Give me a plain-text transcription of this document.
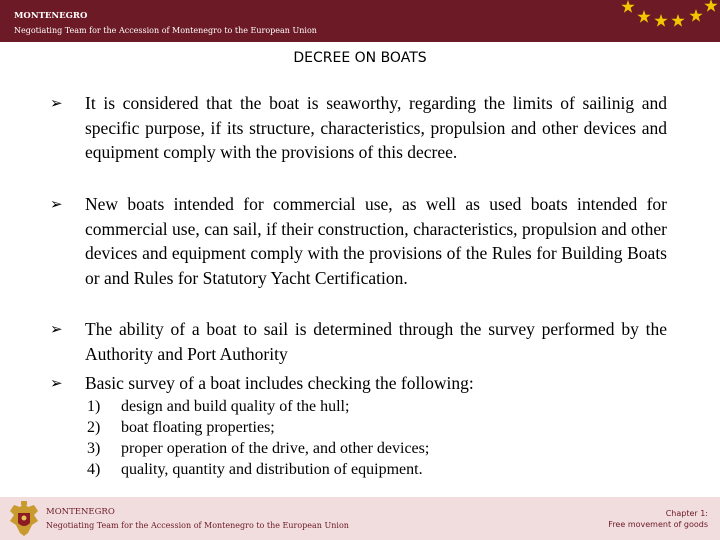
MONTENEGRO
Negotiating Team for the Accession of Montenegro to the European Union
DECREE ON BOATS
➢ It is considered that the boat is seaworthy, regarding the limits of sailinig and specific purpose, if its structure, characteristics, propulsion and other devices and equipment comply with the provisions of this decree.

➢ New boats intended for commercial use, as well as used boats intended for commercial use, can sail, if their construction, characteristics, propulsion and other devices and equipment comply with the provisions of the Rules for Building Boats or and Rules for Statutory Yacht Certification.

➢ The ability of a boat to sail is determined through the survey performed by the Authority and Port Authority

➢ Basic survey of a boat includes checking the following:

1) design and build quality of the hull;
2) boat floating properties;
3) proper operation of the drive, and other devices;
4) quality, quantity and distribution of equipment.
MONTENEGRO
Negotiating Team for the Accession of Montenegro to the European Union
Chapter 1:
Free movement of goods
